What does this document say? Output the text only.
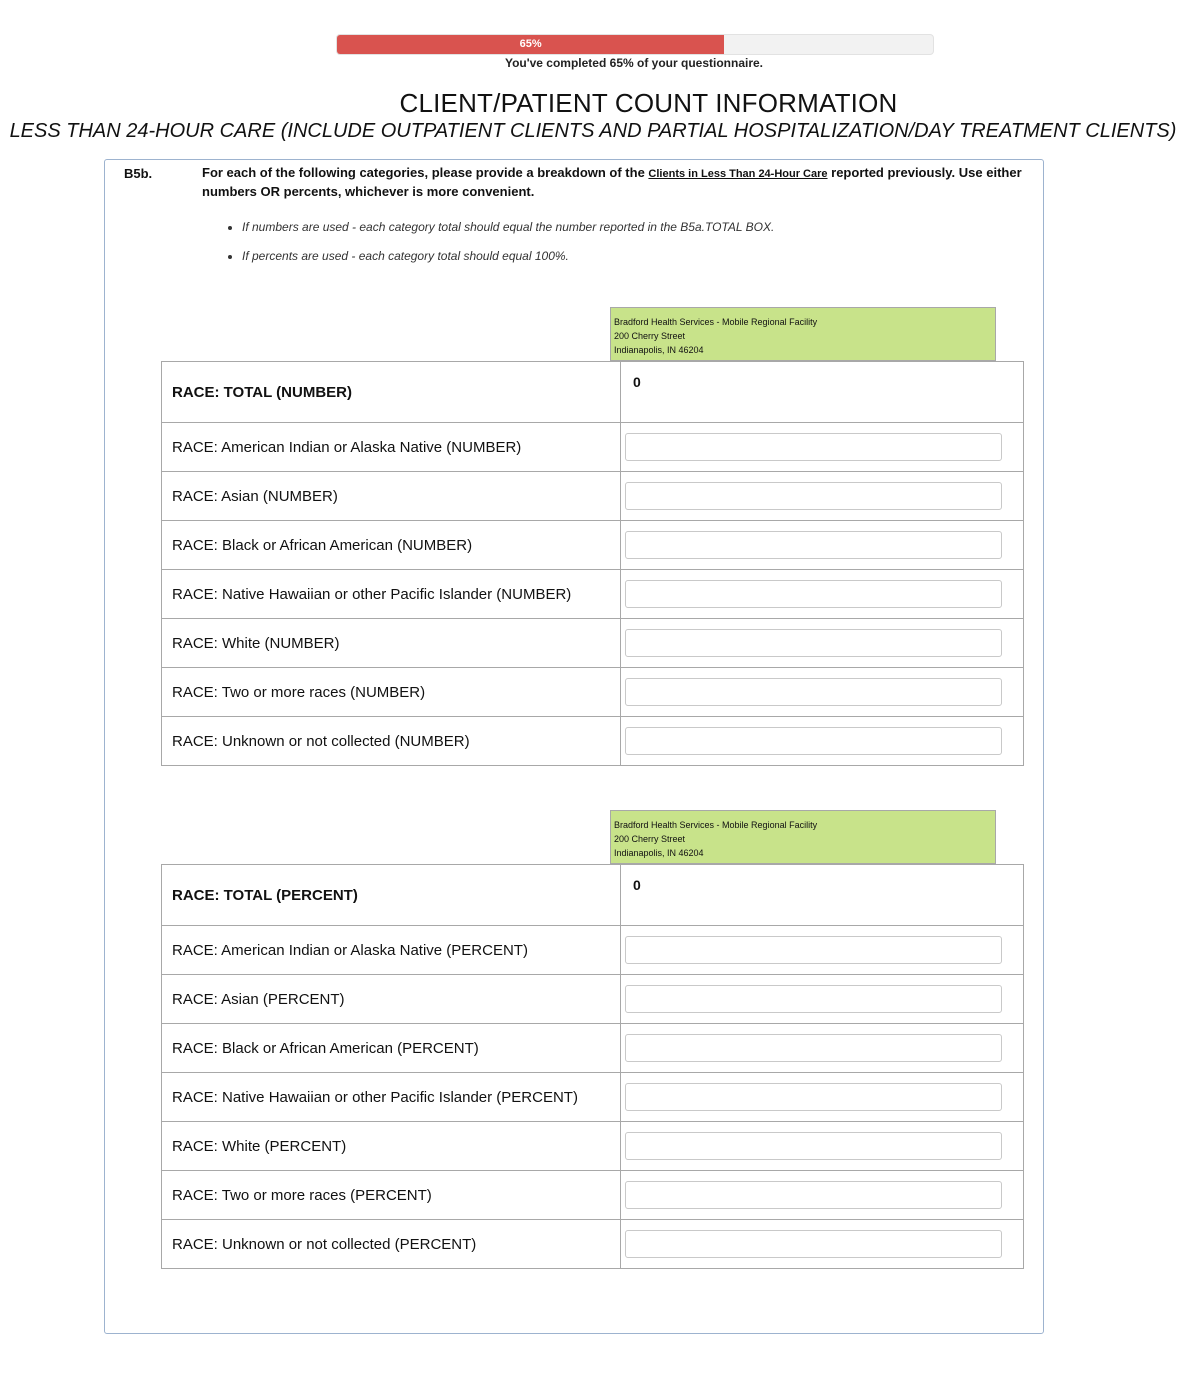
65%
You've completed 65% of your questionnaire.
CLIENT/PATIENT COUNT INFORMATION
LESS THAN 24-HOUR CARE (INCLUDE OUTPATIENT CLIENTS AND PARTIAL HOSPITALIZATION/DAY TREATMENT CLIENTS)
B5b.	For each of the following categories, please provide a breakdown of the Clients in Less Than 24-Hour Care reported previously. Use either numbers OR percents, whichever is more convenient.
• If numbers are used - each category total should equal the number reported in the B5a.TOTAL BOX.
• If percents are used - each category total should equal 100%.
Bradford Health Services - Mobile Regional Facility
200 Cherry Street
Indianapolis, IN 46204
RACE: TOTAL (NUMBER)	0
RACE: American Indian or Alaska Native (NUMBER)	
RACE: Asian (NUMBER)	
RACE: Black or African American (NUMBER)	
RACE: Native Hawaiian or other Pacific Islander (NUMBER)	
RACE: White (NUMBER)	
RACE: Two or more races (NUMBER)	
RACE: Unknown or not collected (NUMBER)	
Bradford Health Services - Mobile Regional Facility
200 Cherry Street
Indianapolis, IN 46204
RACE: TOTAL (PERCENT)	0
RACE: American Indian or Alaska Native (PERCENT)	
RACE: Asian (PERCENT)	
RACE: Black or African American (PERCENT)	
RACE: Native Hawaiian or other Pacific Islander (PERCENT)	
RACE: White (PERCENT)	
RACE: Two or more races (PERCENT)	
RACE: Unknown or not collected (PERCENT)	
